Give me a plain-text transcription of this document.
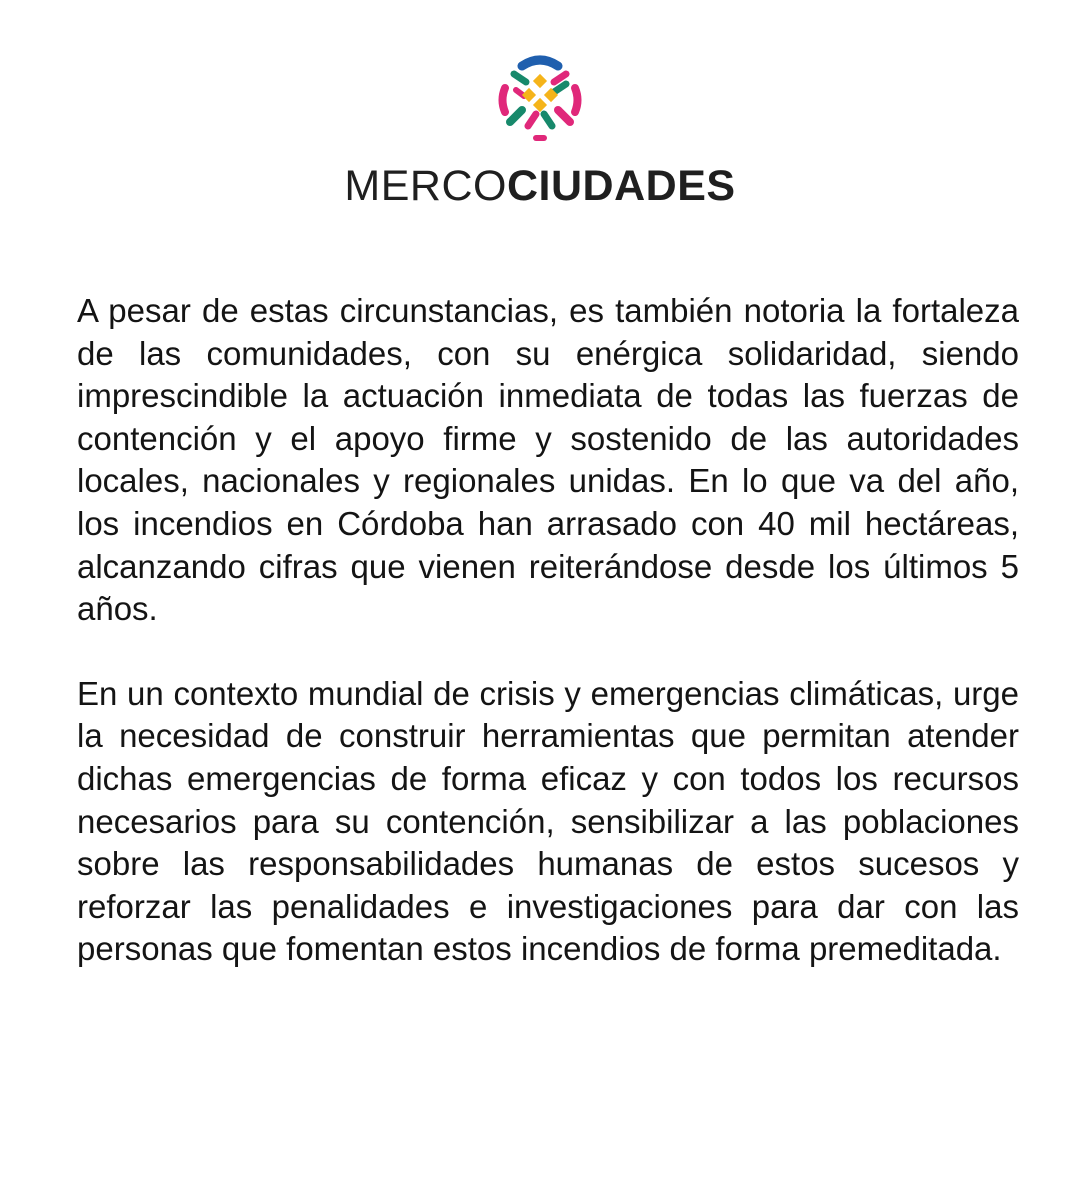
MERCOCIUDADES

A pesar de estas circunstancias, es también notoria la fortaleza de las comunidades, con su enérgica solidaridad, siendo imprescindible la actuación inmediata de todas las fuerzas de contención y el apoyo firme y sostenido de las autoridades locales, nacionales y regionales unidas. En lo que va del año, los incendios en Córdoba han arrasado con 40 mil hectáreas, alcanzando cifras que vienen reiterándose desde los últimos 5 años.

En un contexto mundial de crisis y emergencias climáticas, urge la necesidad de construir herramientas que permitan atender dichas emergencias de forma eficaz y con todos los recursos necesarios para su contención, sensibilizar a las poblaciones sobre las responsabilidades humanas de estos sucesos y reforzar las penalidades e investigaciones para dar con las personas que fomentan estos incendios de forma premeditada.
